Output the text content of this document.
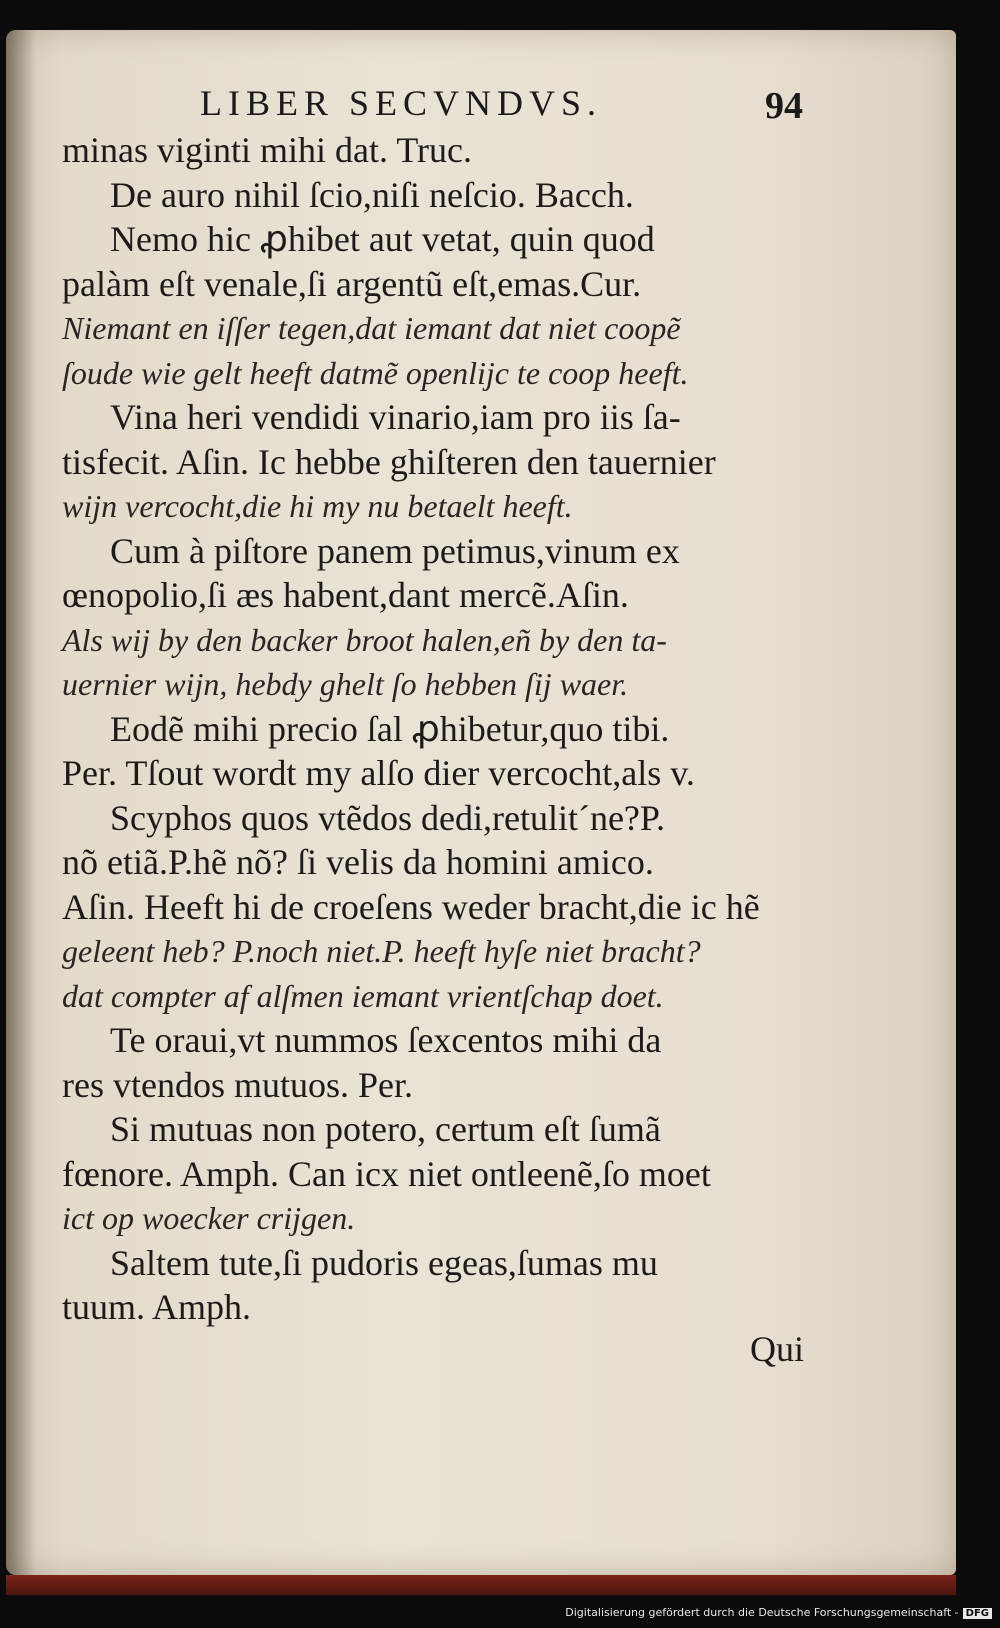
LIBER SECVNDVS.	94
minas viginti mihi dat. Truc.
De auro nihil ſcio,niſi neſcio. Bacch.
Nemo hic ꝓhibet aut vetat, quin quod
palàm eſt venale,ſi argentũ eſt,emas.Cur.
Niemant en iſſer tegen,dat iemant dat niet coopẽ
ſoude wie gelt heeft datmẽ openlijc te coop heeft.
Vina heri vendidi vinario,iam pro iis ſa-
tisfecit. Aſin. Ic hebbe ghiſteren den tauernier
wijn vercocht,die hi my nu betaelt heeft.
Cum à piſtore panem petimus,vinum ex
œnopolio,ſi æs habent,dant mercẽ.Aſin.
Als wij by den backer broot halen,eñ by den ta-
uernier wijn, hebdy ghelt ſo hebben ſij waer.
Eodẽ mihi precio ſal ꝓhibetur,quo tibi.
Per. Tſout wordt my alſo dier vercocht,als v.
Scyphos quos vtẽdos dedi,retulit´ne?P.
nõ etiã.P.hẽ nõ? ſi velis da homini amico.
Aſin. Heeft hi de croeſens weder bracht,die ic hẽ
geleent heb? P.noch niet.P. heeft hyſe niet bracht?
dat compter af alſmen iemant vrientſchap doet.
Te oraui,vt nummos ſexcentos mihi da
res vtendos mutuos. Per.
Si mutuas non potero, certum eſt ſumã
fœnore. Amph. Can icx niet ontleenẽ,ſo moet
ict op woecker crijgen.
Saltem tute,ſi pudoris egeas,ſumas mu
tuum. Amph.
Qui
Digitalisierung gefördert durch die Deutsche Forschungsgemeinschaft - DFG
